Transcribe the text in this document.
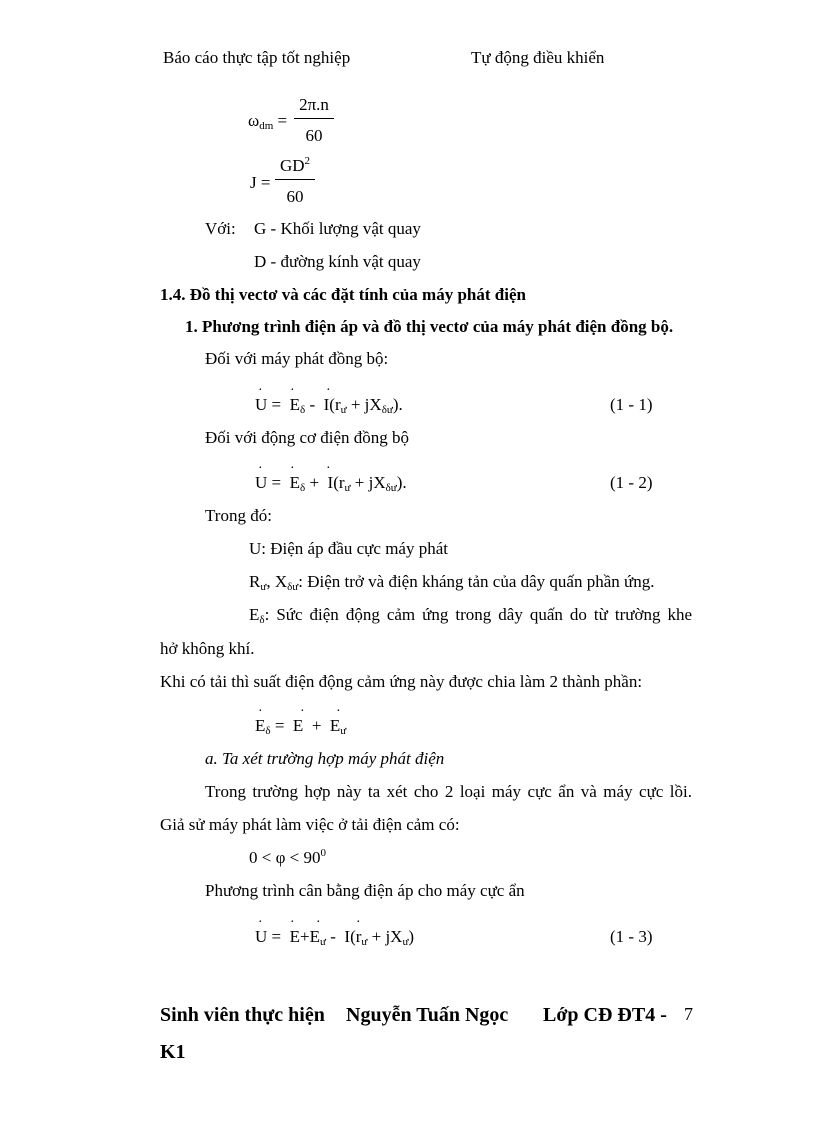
Báo cáo thực tập tốt nghiệp	Tự động điều khiển
$\omega_{dm} = \frac{2\pi.n}{60}$
$J = \frac{GD^2}{60}$
Với: G - Khối lượng vật quay
D - đường kính vật quay
1.4. Đồ thị vectơ và các đặt tính của máy phát điện
1. Phương trình điện áp và đồ thị vectơ của máy phát điện đồng bộ.
Đối với máy phát đồng bộ:
$U = E_\delta - I(r_ư + jX_{\delta ư})$.
· · ·
(1 - 1)
Đối với động cơ điện đồng bộ
$U = E_\delta + I(r_ư + jX_{\delta ư})$.
· · ·
(1 - 2)
Trong đó:
U: Điện áp đầu cực máy phát
$R_ư$, $X_{\delta ư}$: Điện trở và điện kháng tản của dây quấn phần ứng.
$E_\delta$: Sức điện động cảm ứng trong dây quấn do từ trường khe
hở không khí.
Khi có tải thì suất điện động cảm ứng này được chia làm 2 thành phần:
$E_\delta = E + E_ư$
·	· ·
a. Ta xét trường hợp máy phát điện
Trong trường hợp này ta xét cho 2 loại máy cực ẩn và máy cực lồi.
Giả sử máy phát làm việc ở tải điện cảm có:
$0 < \varphi < 90^0$
Phương trình cân bằng điện áp cho máy cực ẩn
$U = E+E_ư - I(r_ư + jX_ư)$
· · ·	·
(1 - 3)
Sinh viên thực hiện Nguyễn Tuấn Ngọc Lớp CĐ ĐT4 - 7
K1
